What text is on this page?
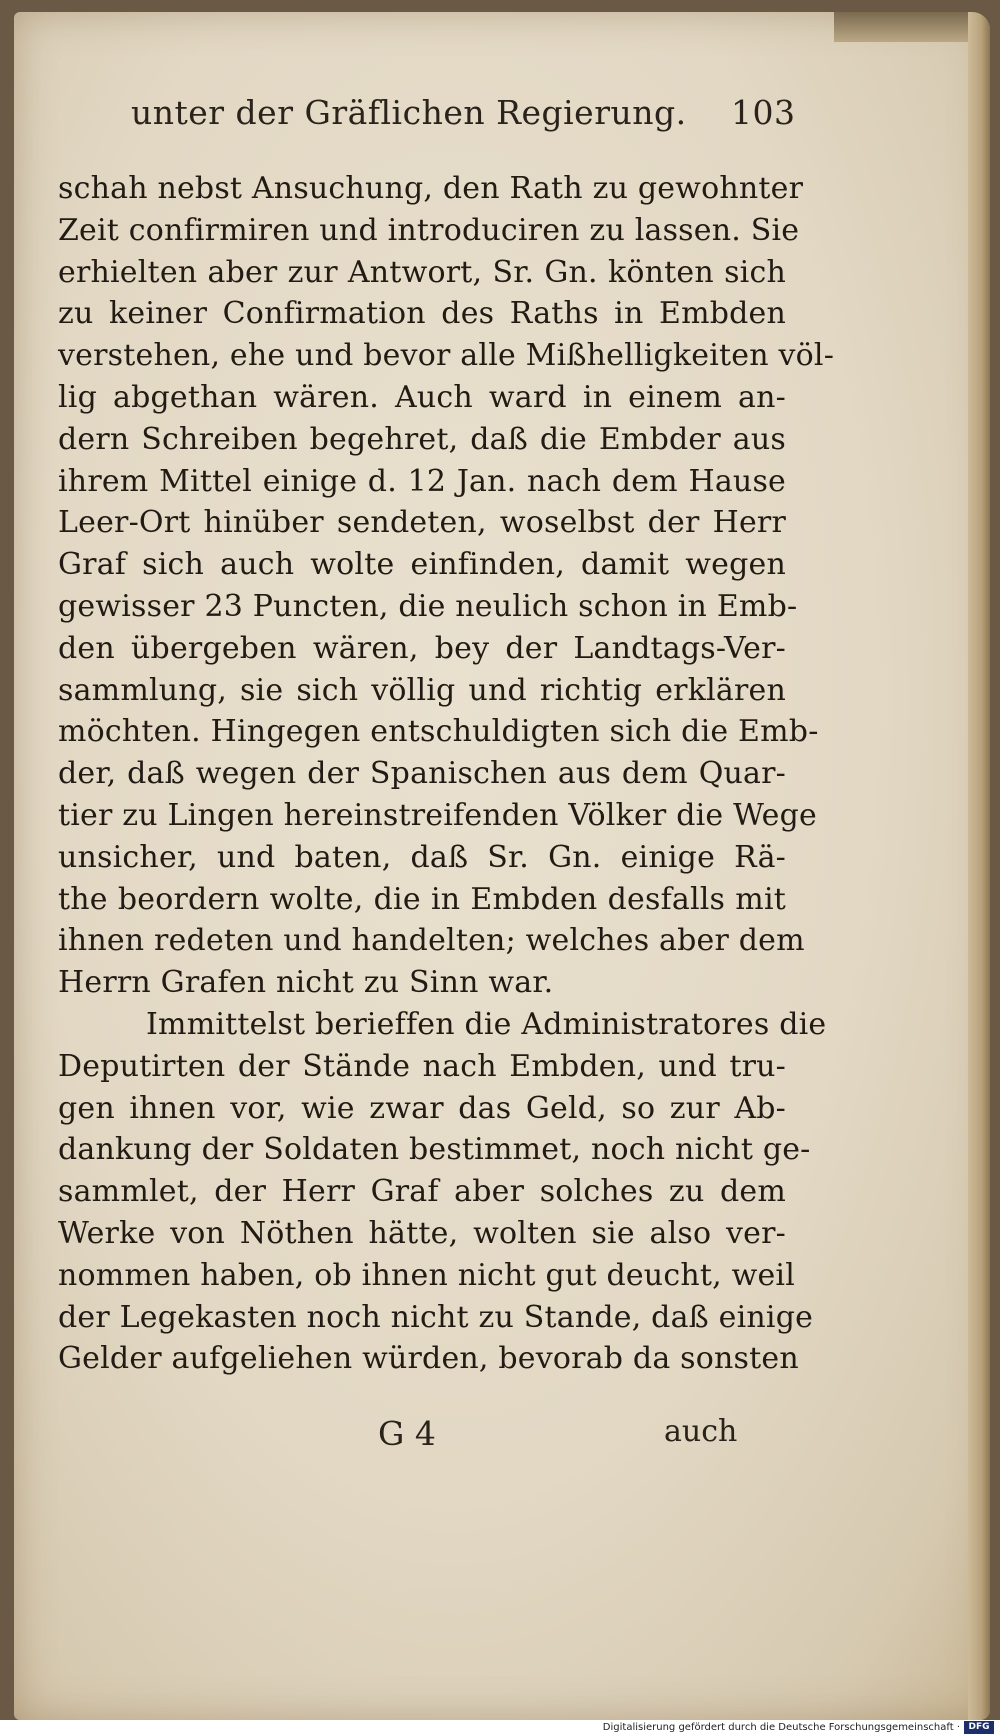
unter der Gräflichen Regierung. 103
schah nebst Ansuchung, den Rath zu gewohnter
Zeit confirmiren und introduciren zu lassen. Sie
erhielten aber zur Antwort, Sr. Gn. könten sich
zu keiner Confirmation des Raths in Embden
verstehen, ehe und bevor alle Mißhelligkeiten völ-
lig abgethan wären. Auch ward in einem an-
dern Schreiben begehret, daß die Embder aus
ihrem Mittel einige d. 12 Jan. nach dem Hause
Leer-Ort hinüber sendeten, woselbst der Herr
Graf sich auch wolte einfinden, damit wegen
gewisser 23 Puncten, die neulich schon in Emb-
den übergeben wären, bey der Landtags-Ver-
sammlung, sie sich völlig und richtig erklären
möchten. Hingegen entschuldigten sich die Emb-
der, daß wegen der Spanischen aus dem Quar-
tier zu Lingen hereinstreifenden Völker die Wege
unsicher, und baten, daß Sr. Gn. einige Rä-
the beordern wolte, die in Embden desfalls mit
ihnen redeten und handelten; welches aber dem
Herrn Grafen nicht zu Sinn war.
Immittelst berieffen die Administratores die
Deputirten der Stände nach Embden, und tru-
gen ihnen vor, wie zwar das Geld, so zur Ab-
dankung der Soldaten bestimmet, noch nicht ge-
sammlet, der Herr Graf aber solches zu dem
Werke von Nöthen hätte, wolten sie also ver-
nommen haben, ob ihnen nicht gut deucht, weil
der Legekasten noch nicht zu Stande, daß einige
Gelder aufgeliehen würden, bevorab da sonsten
G 4	auch
Digitalisierung gefördert durch die Deutsche Forschungsgemeinschaft · DFG
